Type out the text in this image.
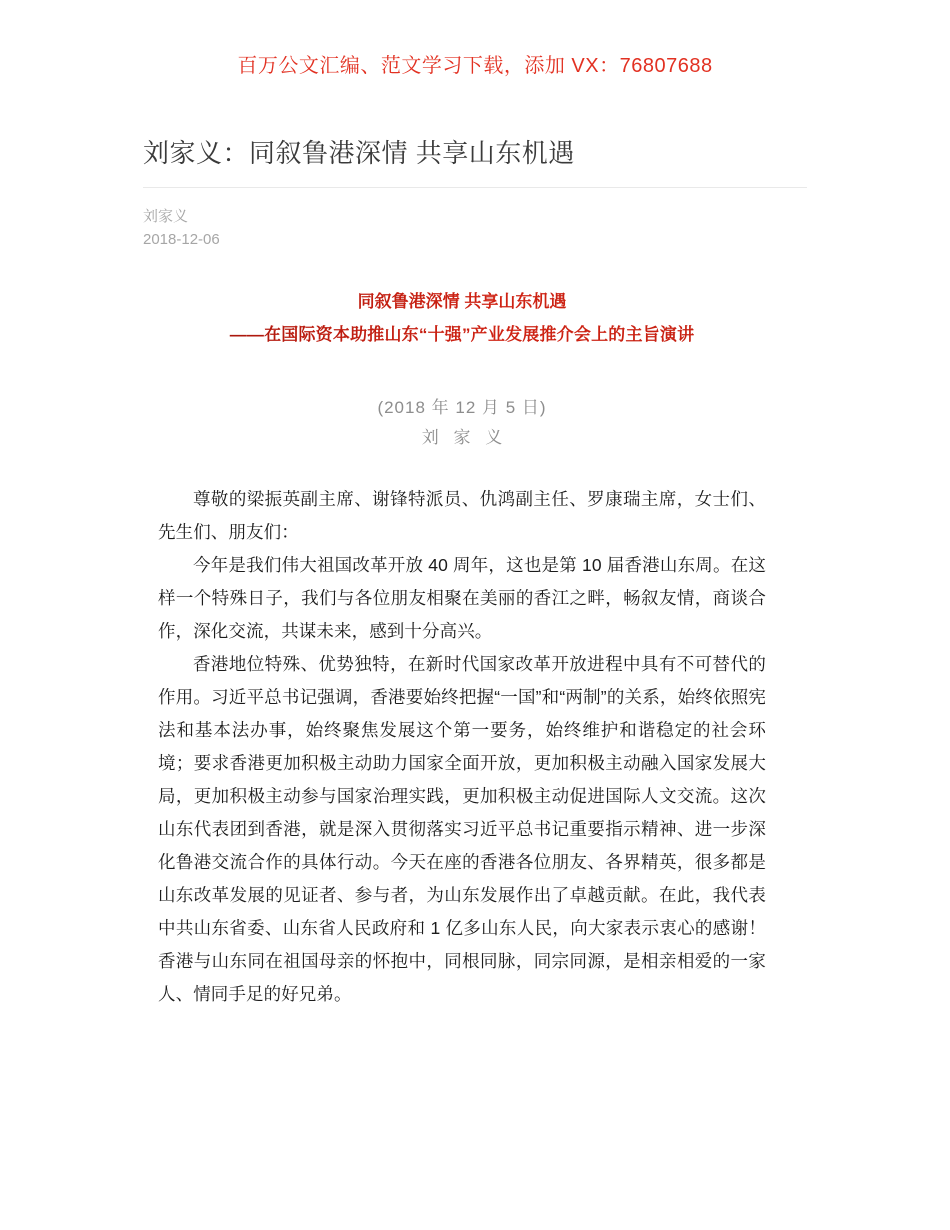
百万公文汇编、范文学习下载，添加 VX：76807688
刘家义：同叙鲁港深情 共享山东机遇
刘家义
2018-12-06
同叙鲁港深情 共享山东机遇
——在国际资本助推山东“十强”产业发展推介会上的主旨演讲
(2018 年 12 月 5 日)
刘 家 义

尊敬的梁振英副主席、谢锋特派员、仇鸿副主任、罗康瑞主席，女士们、先生们、朋友们：

今年是我们伟大祖国改革开放 40 周年，这也是第 10 届香港山东周。在这样一个特殊日子，我们与各位朋友相聚在美丽的香江之畔，畅叙友情，商谈合作，深化交流，共谋未来，感到十分高兴。

香港地位特殊、优势独特，在新时代国家改革开放进程中具有不可替代的作用。习近平总书记强调，香港要始终把握“一国”和“两制”的关系，始终依照宪法和基本法办事，始终聚焦发展这个第一要务，始终维护和谐稳定的社会环境；要求香港更加积极主动助力国家全面开放，更加积极主动融入国家发展大局，更加积极主动参与国家治理实践，更加积极主动促进国际人文交流。这次山东代表团到香港，就是深入贯彻落实习近平总书记重要指示精神、进一步深化鲁港交流合作的具体行动。今天在座的香港各位朋友、各界精英，很多都是山东改革发展的见证者、参与者，为山东发展作出了卓越贡献。在此，我代表中共山东省委、山东省人民政府和 1 亿多山东人民，向大家表示衷心的感谢！香港与山东同在祖国母亲的怀抱中，同根同脉，同宗同源，是相亲相爱的一家人、情同手足的好兄弟。
